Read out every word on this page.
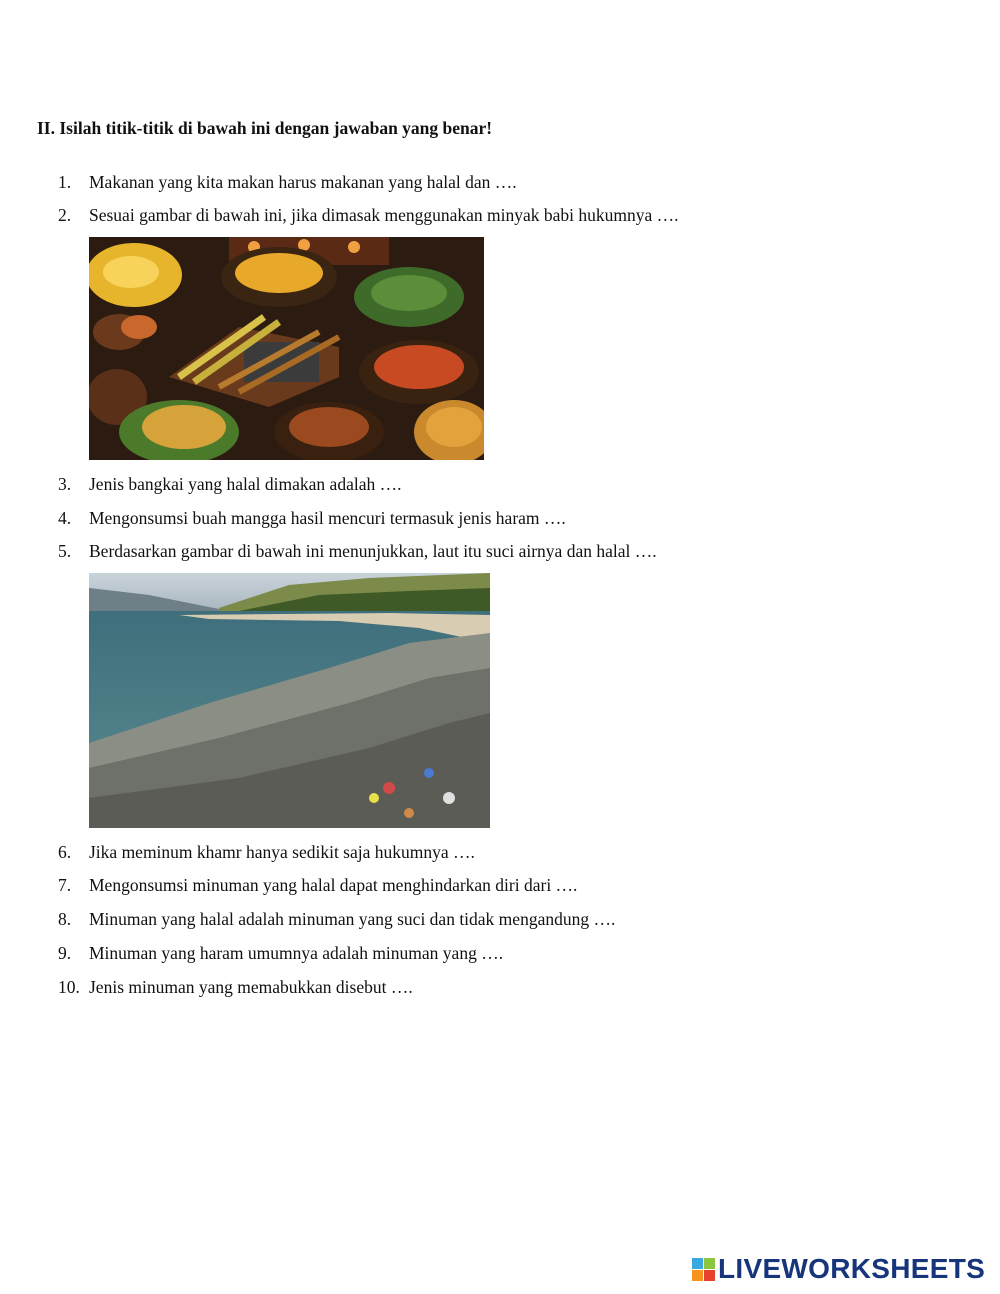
II. Isilah titik-titik di bawah ini dengan jawaban yang benar!
1. Makanan yang kita makan harus makanan yang halal dan ….
2. Sesuai gambar di bawah ini, jika dimasak menggunakan minyak babi hukumnya ….
3. Jenis bangkai yang halal dimakan adalah ….
4. Mengonsumsi buah mangga hasil mencuri termasuk jenis haram ….
5. Berdasarkan gambar di bawah ini menunjukkan, laut itu suci airnya dan halal ….
6. Jika meminum khamr hanya sedikit saja hukumnya ….
7. Mengonsumsi minuman yang halal dapat menghindarkan diri dari ….
8. Minuman yang halal adalah minuman yang suci dan tidak mengandung ….
9. Minuman yang haram umumnya adalah minuman yang ….
10. Jenis minuman yang memabukkan disebut ….
LIVEWORKSHEETS
